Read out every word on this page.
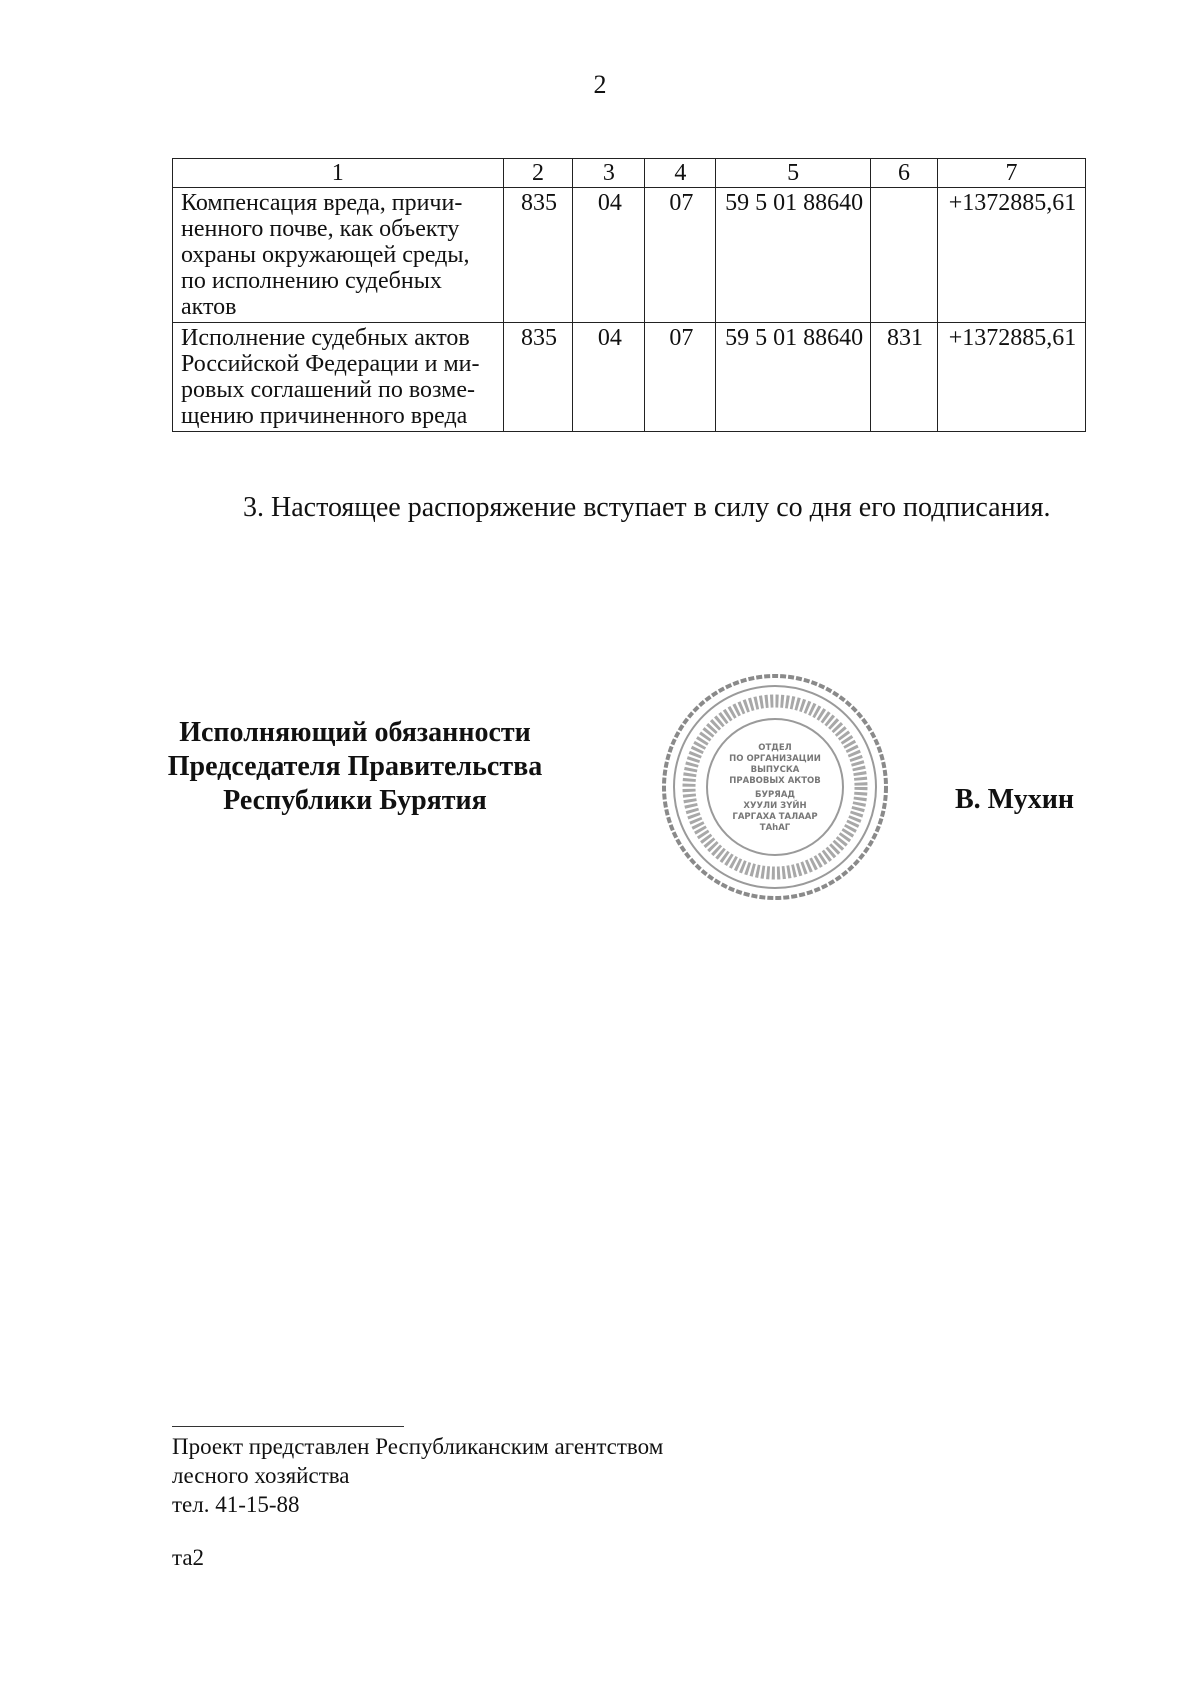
2
1	2	3	4	5	6	7

Компенсация вреда, причи-
ненного почве, как объекту
охраны окружающей среды,
по исполнению судебных
актов	835	04	07	59 5 01 88640		+1372885,61

Исполнение судебных актов
Российской Федерации и ми-
ровых соглашений по возме-
щению причиненного вреда	835	04	07	59 5 01 88640	831	+1372885,61
3. Настоящее распоряжение вступает в силу со дня его подписания.
Исполняющий обязанности
Председателя Правительства
Республики Бурятия
ОТДЕЛ
ПО ОРГАНИЗАЦИИ
ВЫПУСКА
ПРАВОВЫХ АКТОВ
БУРЯАД
ХУУЛИ ЗҮЙН
ГАРГАХА ТАЛААР
ТАһАГ
В. Мухин
Проект представлен Республиканским агентством
лесного хозяйства
тел. 41-15-88
та2
